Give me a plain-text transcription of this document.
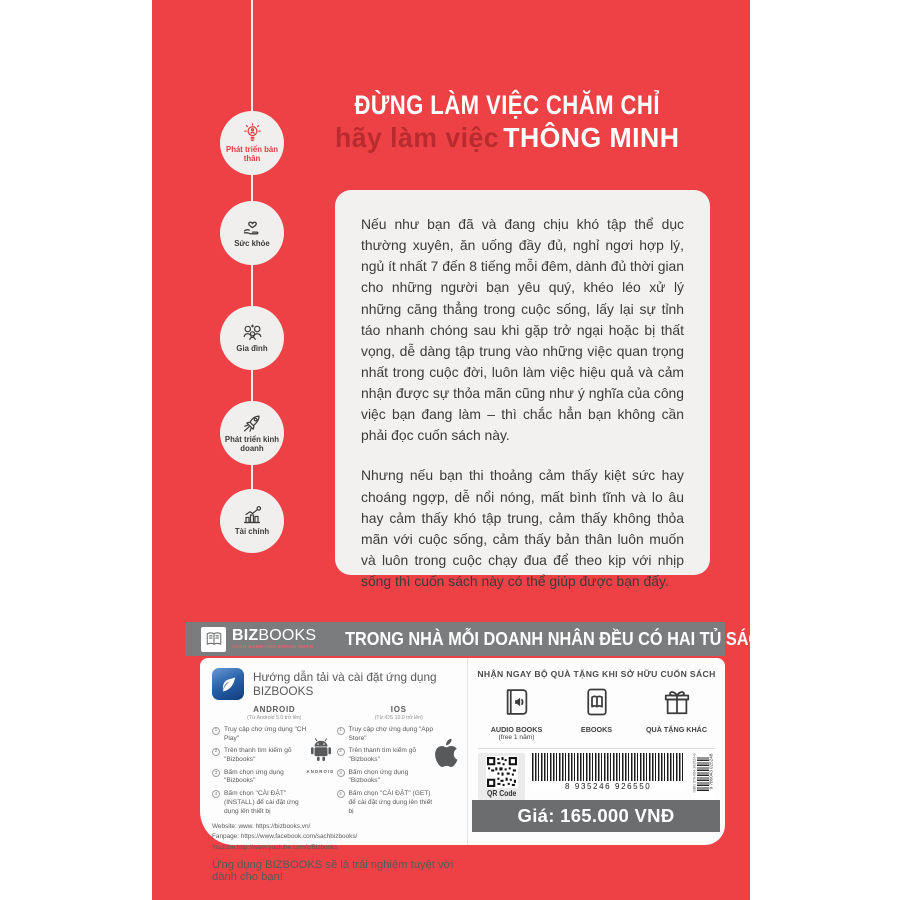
Phát triển bản thân
Sức khỏe
Gia đình
Phát triển kinh doanh
Tài chính
ĐỪNG LÀM VIỆC CHĂM CHỈ
hãy làm việc THÔNG MINH

Nếu như bạn đã và đang chịu khó tập thể dục thường xuyên, ăn uống đầy đủ, nghỉ ngơi hợp lý, ngủ ít nhất 7 đến 8 tiếng mỗi đêm, dành đủ thời gian cho những người bạn yêu quý, khéo léo xử lý những căng thẳng trong cuộc sống, lấy lại sự tỉnh táo nhanh chóng sau khi gặp trở ngại hoặc bị thất vọng, dễ dàng tập trung vào những việc quan trọng nhất trong cuộc đời, luôn làm việc hiệu quả và cảm nhận được sự thỏa mãn cũng như ý nghĩa của công việc bạn đang làm – thì chắc hẳn bạn không cần phải đọc cuốn sách này.

Nhưng nếu bạn thi thoảng cảm thấy kiệt sức hay choáng ngợp, dễ nổi nóng, mất bình tĩnh và lo âu hay cảm thấy khó tập trung, cảm thấy không thỏa mãn với cuộc sống, cảm thấy bản thân luôn muốn và luôn trong cuộc chạy đua để theo kịp với nhịp sống thì cuốn sách này có thể giúp được bạn đấy.

BIZBOOKS
SÁCH DÀNH CHO DOANH NHÂN	TRONG NHÀ MỖI DOANH NHÂN ĐỀU CÓ HAI TỦ SÁCH
Hướng dẫn tải và cài đặt ứng dụng BIZBOOKS
ANDROID
(Từ Android 5.0 trở lên)
1	Truy cập chợ ứng dụng "CH Play"
2	Trên thanh tìm kiếm gõ "Bizbooks"
3	Bấm chọn ứng dụng "Bizbooks"
4	Bấm chọn "CÀI ĐẶT" (INSTALL) để cài đặt ứng dụng lên thiết bị
ANDROID
IOS
(Từ iOS 10.0 trở lên)
1	Truy cập chợ ứng dụng "App Store"
2	Trên thanh tìm kiếm gõ "Bizbooks"
3	Bấm chọn ứng dụng "Bizbooks"
4	Bấm chọn "CÀI ĐẶT" (GET) để cài đặt ứng dụng lên thiết bị
Website: www. https://bizbooks.vn/
Fanpage: https://www.facebook.com/sachbizbooks/
Youtube:http://www.youtube.com/c/Bizbooks
Ứng dụng BIZBOOKS sẽ là trải nghiệm tuyệt vời dành cho bạn!
NHẬN NGAY BỘ QUÀ TẶNG KHI SỞ HỮU CUỐN SÁCH
AUDIO BOOKS
(free 1 năm)
EBOOKS	QUÀ TẶNG KHÁC
QR Code
8 935246 926550	ISBN 978-604-302524-8	9 786043 025248
Giá: 165.000 VNĐ
